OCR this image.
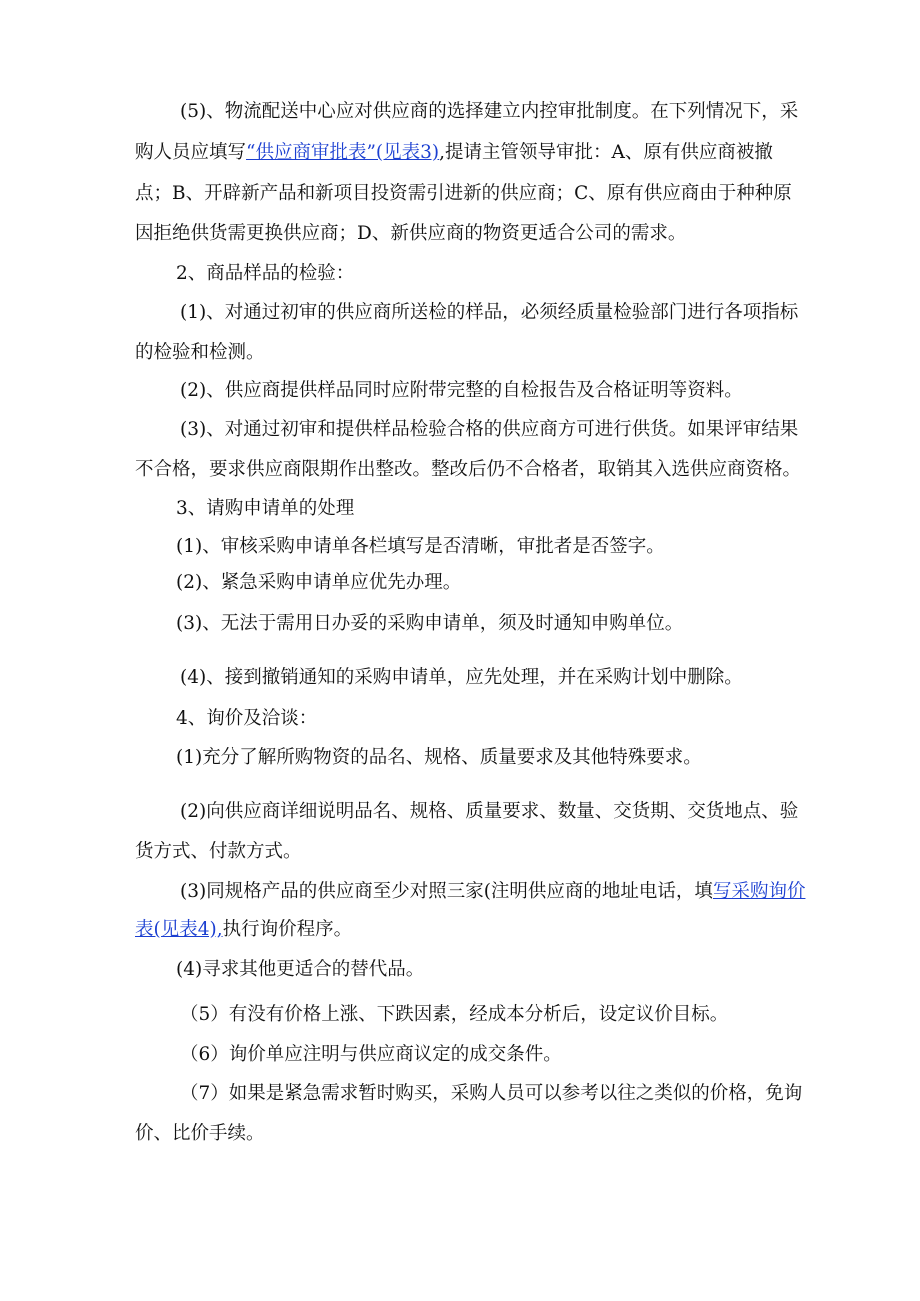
(5)、物流配送中心应对供应商的选择建立内控审批制度。在下列情况下，采
购人员应填写“供应商审批表”(见表3),提请主管领导审批：A、原有供应商被撤
点；B、开辟新产品和新项目投资需引进新的供应商；C、原有供应商由于种种原
因拒绝供货需更换供应商；D、新供应商的物资更适合公司的需求。
2、商品样品的检验：
(1)、对通过初审的供应商所送检的样品，必须经质量检验部门进行各项指标
的检验和检测。
(2)、供应商提供样品同时应附带完整的自检报告及合格证明等资料。
(3)、对通过初审和提供样品检验合格的供应商方可进行供货。如果评审结果
不合格，要求供应商限期作出整改。整改后仍不合格者，取销其入选供应商资格。
3、请购申请单的处理
(1)、审核采购申请单各栏填写是否清晰，审批者是否签字。
(2)、紧急采购申请单应优先办理。
(3)、无法于需用日办妥的采购申请单，须及时通知申购单位。
(4)、接到撤销通知的采购申请单，应先处理，并在采购计划中删除。
4、询价及洽谈：
(1)充分了解所购物资的品名、规格、质量要求及其他特殊要求。
(2)向供应商详细说明品名、规格、质量要求、数量、交货期、交货地点、验
货方式、付款方式。
(3)同规格产品的供应商至少对照三家(注明供应商的地址电话，填写采购询价
表(见表4),执行询价程序。
(4)寻求其他更适合的替代品。
（5）有没有价格上涨、下跌因素，经成本分析后，设定议价目标。
（6）询价单应注明与供应商议定的成交条件。
（7）如果是紧急需求暂时购买，采购人员可以参考以往之类似的价格，免询
价、比价手续。
